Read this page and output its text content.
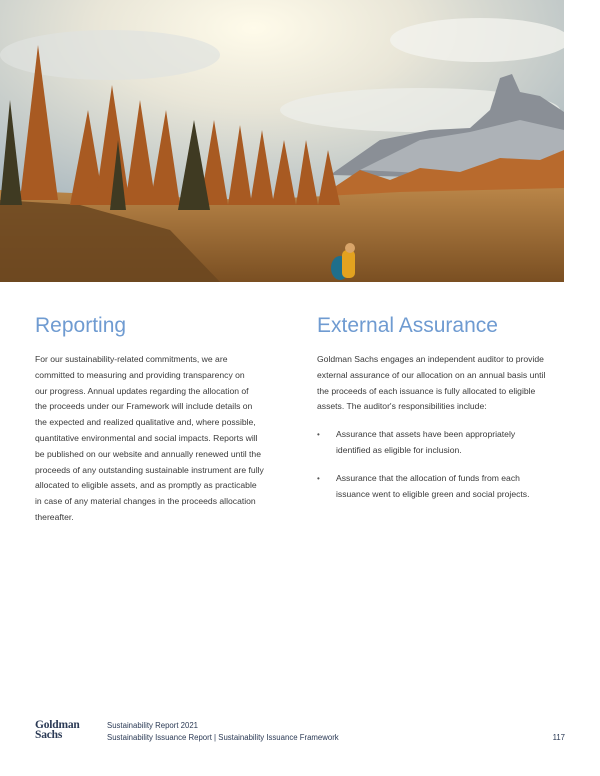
Reporting

For our sustainability-related commitments, we are
committed to measuring and providing transparency on
our progress. Annual updates regarding the allocation of
the proceeds under our Framework will include details on
the expected and realized qualitative and, where possible,
quantitative environmental and social impacts. Reports will
be published on our website and annually renewed until the
proceeds of any outstanding sustainable instrument are fully
allocated to eligible assets, and as promptly as practicable
in case of any material changes in the proceeds allocation
thereafter.

External Assurance

Goldman Sachs engages an independent auditor to provide
external assurance of our allocation on an annual basis until
the proceeds of each issuance is fully allocated to eligible
assets. The auditor's responsibilities include:

• Assurance that assets have been appropriately
identified as eligible for inclusion.
• Assurance that the allocation of funds from each
issuance went to eligible green and social projects.
Goldman
Sachs
Sustainability Report 2021
Sustainability Issuance Report | Sustainability Issuance Framework	117
